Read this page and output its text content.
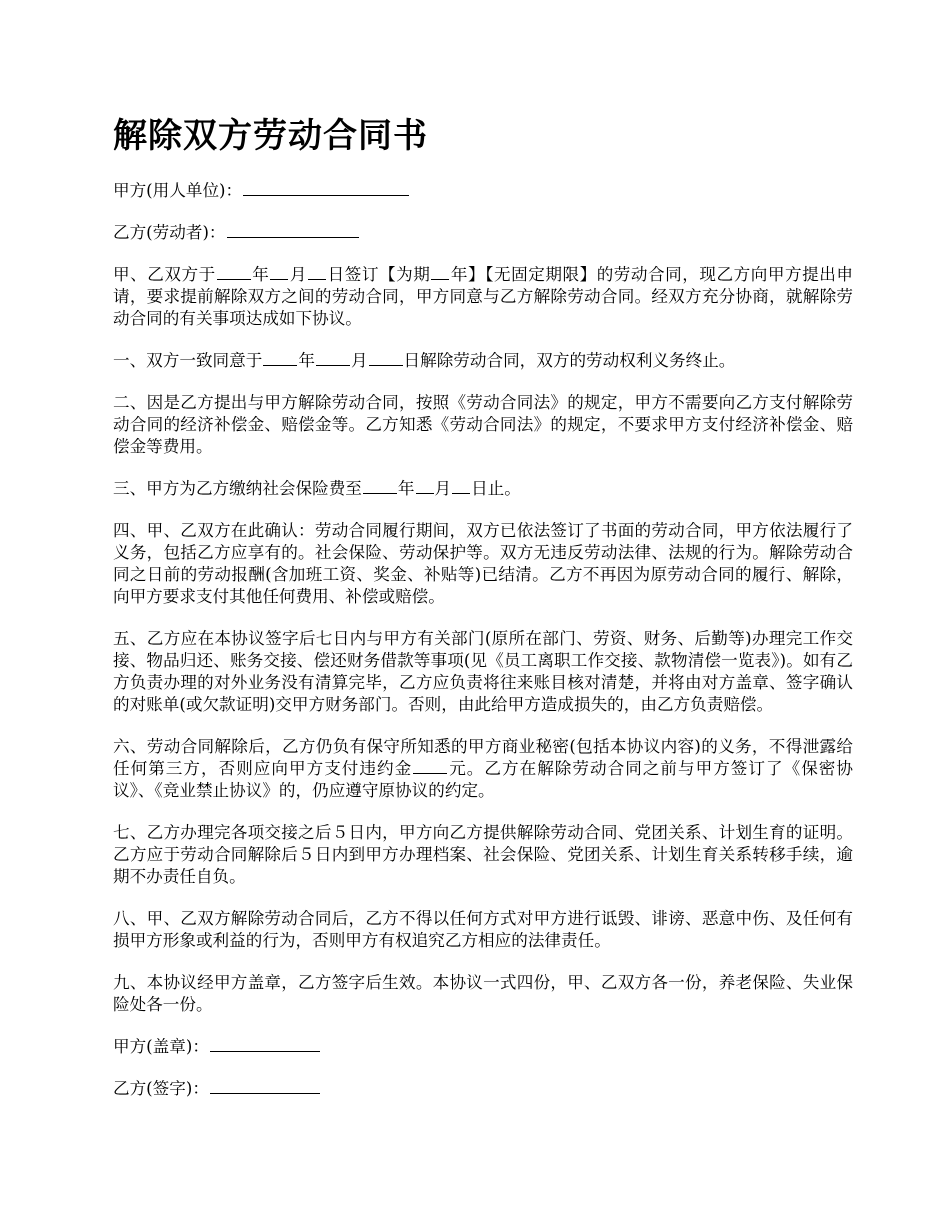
解除双方劳动合同书

甲方(用人单位)：

乙方(劳动者)：

甲、乙双方于 年 月 日签订【为期 年】【无固定期限】的劳动合同，现乙方向甲方提出申请，要求提前解除双方之间的劳动合同，甲方同意与乙方解除劳动合同。经双方充分协商，就解除劳动合同的有关事项达成如下协议。

一、双方一致同意于 年 月 日解除劳动合同，双方的劳动权利义务终止。

二、因是乙方提出与甲方解除劳动合同，按照《劳动合同法》的规定，甲方不需要向乙方支付解除劳动合同的经济补偿金、赔偿金等。乙方知悉《劳动合同法》的规定，不要求甲方支付经济补偿金、赔偿金等费用。

三、甲方为乙方缴纳社会保险费至 年 月 日止。

四、甲、乙双方在此确认：劳动合同履行期间，双方已依法签订了书面的劳动合同，甲方依法履行了义务，包括乙方应享有的。社会保险、劳动保护等。双方无违反劳动法律、法规的行为。解除劳动合同之日前的劳动报酬(含加班工资、奖金、补贴等)已结清。乙方不再因为原劳动合同的履行、解除，向甲方要求支付其他任何费用、补偿或赔偿。

五、乙方应在本协议签字后七日内与甲方有关部门(原所在部门、劳资、财务、后勤等)办理完工作交接、物品归还、账务交接、偿还财务借款等事项(见《员工离职工作交接、款物清偿一览表》)。如有乙方负责办理的对外业务没有清算完毕，乙方应负责将往来账目核对清楚，并将由对方盖章、签字确认的对账单(或欠款证明)交甲方财务部门。否则，由此给甲方造成损失的，由乙方负责赔偿。

六、劳动合同解除后，乙方仍负有保守所知悉的甲方商业秘密(包括本协议内容)的义务，不得泄露给任何第三方，否则应向甲方支付违约金 元。乙方在解除劳动合同之前与甲方签订了《保密协议》、《竞业禁止协议》的，仍应遵守原协议的约定。

七、乙方办理完各项交接之后５日内，甲方向乙方提供解除劳动合同、党团关系、计划生育的证明。乙方应于劳动合同解除后５日内到甲方办理档案、社会保险、党团关系、计划生育关系转移手续，逾期不办责任自负。

八、甲、乙双方解除劳动合同后，乙方不得以任何方式对甲方进行诋毁、诽谤、恶意中伤、及任何有损甲方形象或利益的行为，否则甲方有权追究乙方相应的法律责任。

九、本协议经甲方盖章，乙方签字后生效。本协议一式四份，甲、乙双方各一份，养老保险、失业保险处各一份。

甲方(盖章)：

乙方(签字)：
